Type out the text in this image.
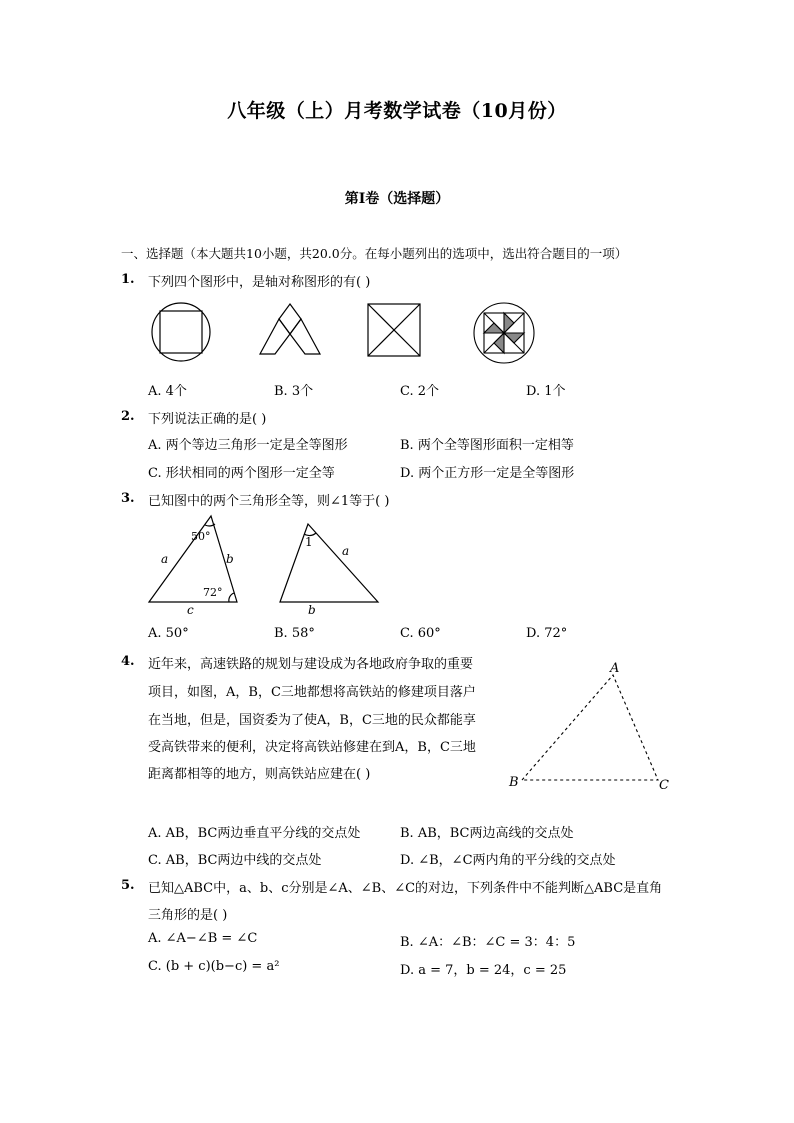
八年级（上）月考数学试卷（10月份）
第I卷（选择题）
一、选择题（本大题共10小题，共20.0分。在每小题列出的选项中，选出符合题目的一项）
1. 下列四个图形中，是轴对称图形的有( )
A. 4个	B. 3个	C. 2个	D. 1个
2. 下列说法正确的是( )
A. 两个等边三角形一定是全等图形	B. 两个全等图形面积一定相等
C. 形状相同的两个图形一定全等	D. 两个正方形一定是全等图形
3. 已知图中的两个三角形全等，则∠1等于( )
a	b
c
50°
72°
1
a
b
A. 50°	B. 58°	C. 60°	D. 72°
4. 近年来，高速铁路的规划与建设成为各地政府争取的重要
项目，如图，A，B，C三地都想将高铁站的修建项目落户
在当地，但是，国资委为了使A，B，C三地的民众都能享
受高铁带来的便利，决定将高铁站修建在到A，B，C三地
距离都相等的地方，则高铁站应建在( )
A
B	C
A. AB，BC两边垂直平分线的交点处	B. AB，BC两边高线的交点处
C. AB，BC两边中线的交点处	D. ∠B，∠C两内角的平分线的交点处
5. 已知△ABC中，a、b、c分别是∠A、∠B、∠C的对边，下列条件中不能判断△ABC是直角
三角形的是( )
A. ∠A−∠B = ∠C	B. ∠A：∠B：∠C = 3：4：5
C. (b + c)(b−c) = a²	D. a = 7，b = 24，c = 25
